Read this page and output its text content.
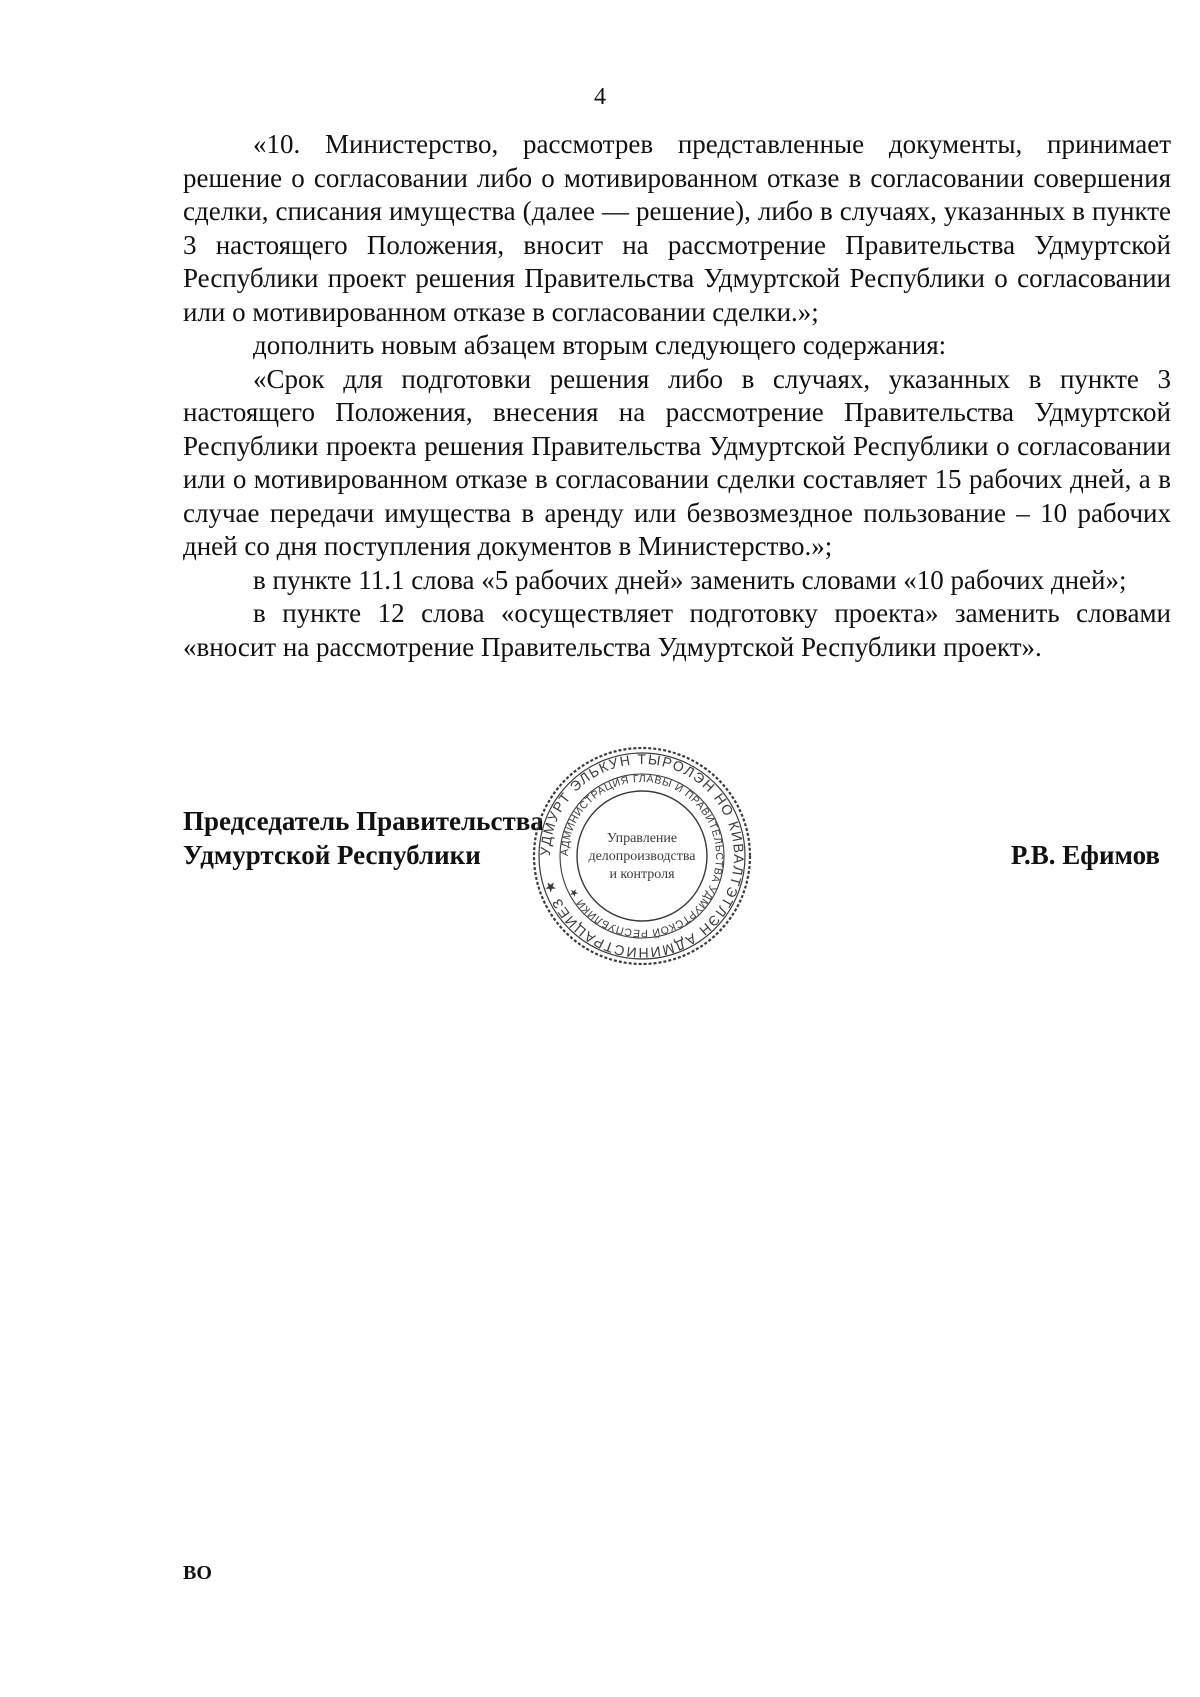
4

«10. Министерство, рассмотрев представленные документы, принимает решение о согласовании либо о мотивированном отказе в согласовании совершения сделки, списания имущества (далее — решение), либо в случаях, указанных в пункте 3 настоящего Положения, вносит на рассмотрение Правительства Удмуртской Республики проект решения Правительства Удмуртской Республики о согласовании или о мотивированном отказе в согласовании сделки.»;

дополнить новым абзацем вторым следующего содержания:

«Срок для подготовки решения либо в случаях, указанных в пункте 3 настоящего Положения, внесения на рассмотрение Правительства Удмуртской Республики проекта решения Правительства Удмуртской Республики о согласовании или о мотивированном отказе в согласовании сделки составляет 15 рабочих дней, а в случае передачи имущества в аренду или безвозмездное пользование – 10 рабочих дней со дня поступления документов в Министерство.»;

в пункте 11.1 слова «5 рабочих дней» заменить словами «10 рабочих дней»;

в пункте 12 слова «осуществляет подготовку проекта» заменить словами «вносит на рассмотрение Правительства Удмуртской Республики проект».

Председатель Правительства
Удмуртской Республики	Р.В. Ефимов
УДМУРТ ЭЛЬКУН ТЫРОЛЭН НО КИВАЛТЭТЛЭН АДМИНИСТРАЦИЕЗ ★
АДМИНИСТРАЦИЯ ГЛАВЫ И ПРАВИТЕЛЬСТВА УДМУРТСКОЙ РЕСПУБЛИКИ ★
Управление
делопроизводства
и контроля
ВО
